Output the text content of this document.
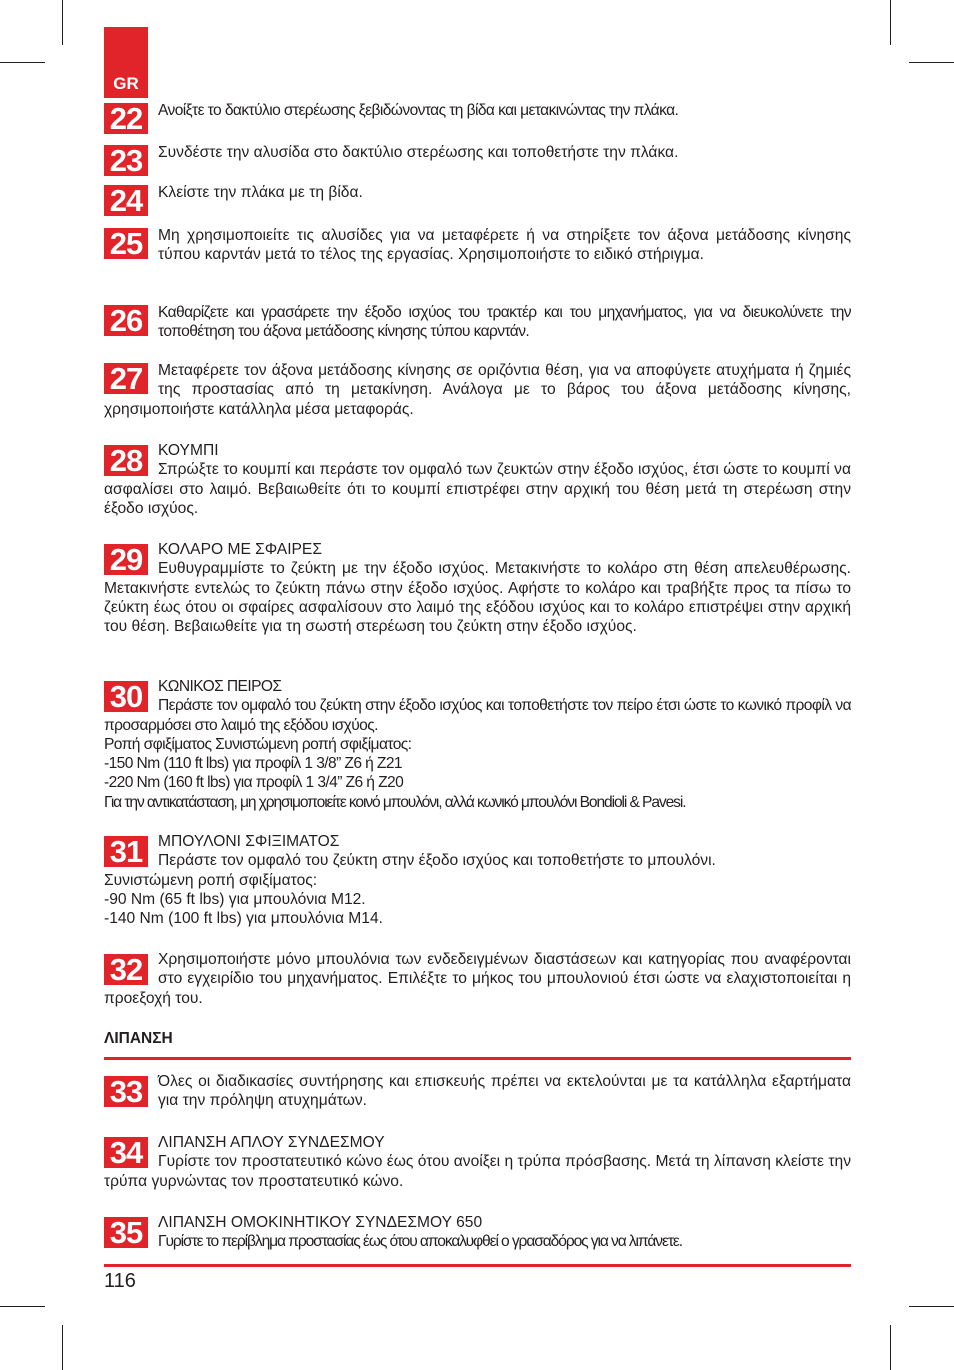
GR
22	Ανοίξτε το δακτύλιο στερέωσης ξεβιδώνοντας τη βίδα και μετακινώντας την πλάκα.

23	Συνδέστε την αλυσίδα στο δακτύλιο στερέωσης και τοποθετήστε την πλάκα.

24	Κλείστε την πλάκα με τη βίδα.

25	Μη χρησιμοποιείτε τις αλυσίδες για να μεταφέρετε ή να στηρίξετε τον άξονα μετάδοσης κίνησης τύπου καρντάν μετά το τέλος της εργασίας. Χρησιμοποιήστε το ειδικό στήριγμα.

26	Καθαρίζετε και γρασάρετε την έξοδο ισχύος του τρακτέρ και του μηχανήματος, για να διευκολύνετε την τοποθέτηση του άξονα μετάδοσης κίνησης τύπου καρντάν.

27	Μεταφέρετε τον άξονα μετάδοσης κίνησης σε οριζόντια θέση, για να αποφύγετε ατυχήματα ή ζημιές της προστασίας από τη μετακίνηση. Ανάλογα με το βάρος του άξονα μετάδοσης κίνησης, χρησιμοποιήστε κατάλληλα μέσα μεταφοράς.

28	ΚΟΥΜΠΙ

Σπρώξτε το κουμπί και περάστε τον ομφαλό των ζευκτών στην έξοδο ισχύος, έτσι ώστε το κουμπί να ασφαλίσει στο λαιμό. Βεβαιωθείτε ότι το κουμπί επιστρέφει στην αρχική του θέση μετά τη στερέωση στην έξοδο ισχύος.

29	ΚΟΛΑΡΟ ΜΕ ΣΦΑΙΡΕΣ

Ευθυγραμμίστε το ζεύκτη με την έξοδο ισχύος. Μετακινήστε το κολάρο στη θέση απελευθέρωσης. Μετακινήστε εντελώς το ζεύκτη πάνω στην έξοδο ισχύος. Αφήστε το κολάρο και τραβήξτε προς τα πίσω το ζεύκτη έως ότου οι σφαίρες ασφαλίσουν στο λαιμό της εξόδου ισχύος και το κολάρο επιστρέψει στην αρχική του θέση. Βεβαιωθείτε για τη σωστή στερέωση του ζεύκτη στην έξοδο ισχύος.

30	ΚΩΝΙΚΟΣ ΠΕΙΡΟΣ

Περάστε τον ομφαλό του ζεύκτη στην έξοδο ισχύος και τοποθετήστε τον πείρο έτσι ώστε το κωνικό προφίλ να προσαρμόσει στο λαιμό της εξόδου ισχύος.

Ροπή σφιξίματος Συνιστώμενη ροπή σφιξίματος:

-150 Nm (110 ft lbs) για προφίλ 1 3/8” Z6 ή Z21

-220 Nm (160 ft lbs) για προφίλ 1 3/4” Z6 ή Z20

Για την αντικατάσταση, μη χρησιμοποιείτε κοινό μπουλόνι, αλλά κωνικό μπουλόνι Bondioli & Pavesi.

31	ΜΠΟΥΛΟΝΙ ΣΦΙΞΙΜΑΤΟΣ

Περάστε τον ομφαλό του ζεύκτη στην έξοδο ισχύος και τοποθετήστε το μπουλόνι.

Συνιστώμενη ροπή σφιξίματος:

-90 Nm (65 ft lbs) για μπουλόνια M12.

-140 Nm (100 ft lbs) για μπουλόνια M14.

32	Χρησιμοποιήστε μόνο μπουλόνια των ενδεδειγμένων διαστάσεων και κατηγορίας που αναφέρονται στο εγχειρίδιο του μηχανήματος. Επιλέξτε το μήκος του μπουλονιού έτσι ώστε να ελαχιστοποιείται η προεξοχή του.

ΛΙΠΑΝΣΗ
33	Όλες οι διαδικασίες συντήρησης και επισκευής πρέπει να εκτελούνται με τα κατάλληλα εξαρτήματα για την πρόληψη ατυχημάτων.

34	ΛΙΠΑΝΣΗ ΑΠΛΟΥ ΣΥΝΔΕΣΜΟΥ

Γυρίστε τον προστατευτικό κώνο έως ότου ανοίξει η τρύπα πρόσβασης. Μετά τη λίπανση κλείστε την τρύπα γυρνώντας τον προστατευτικό κώνο.

35	ΛΙΠΑΝΣΗ ΟΜΟΚΙΝΗΤΙΚΟΥ ΣΥΝΔΕΣΜΟΥ 650

Γυρίστε το περίβλημα προστασίας έως ότου αποκαλυφθεί ο γρασαδόρος για να λιπάνετε.

116
